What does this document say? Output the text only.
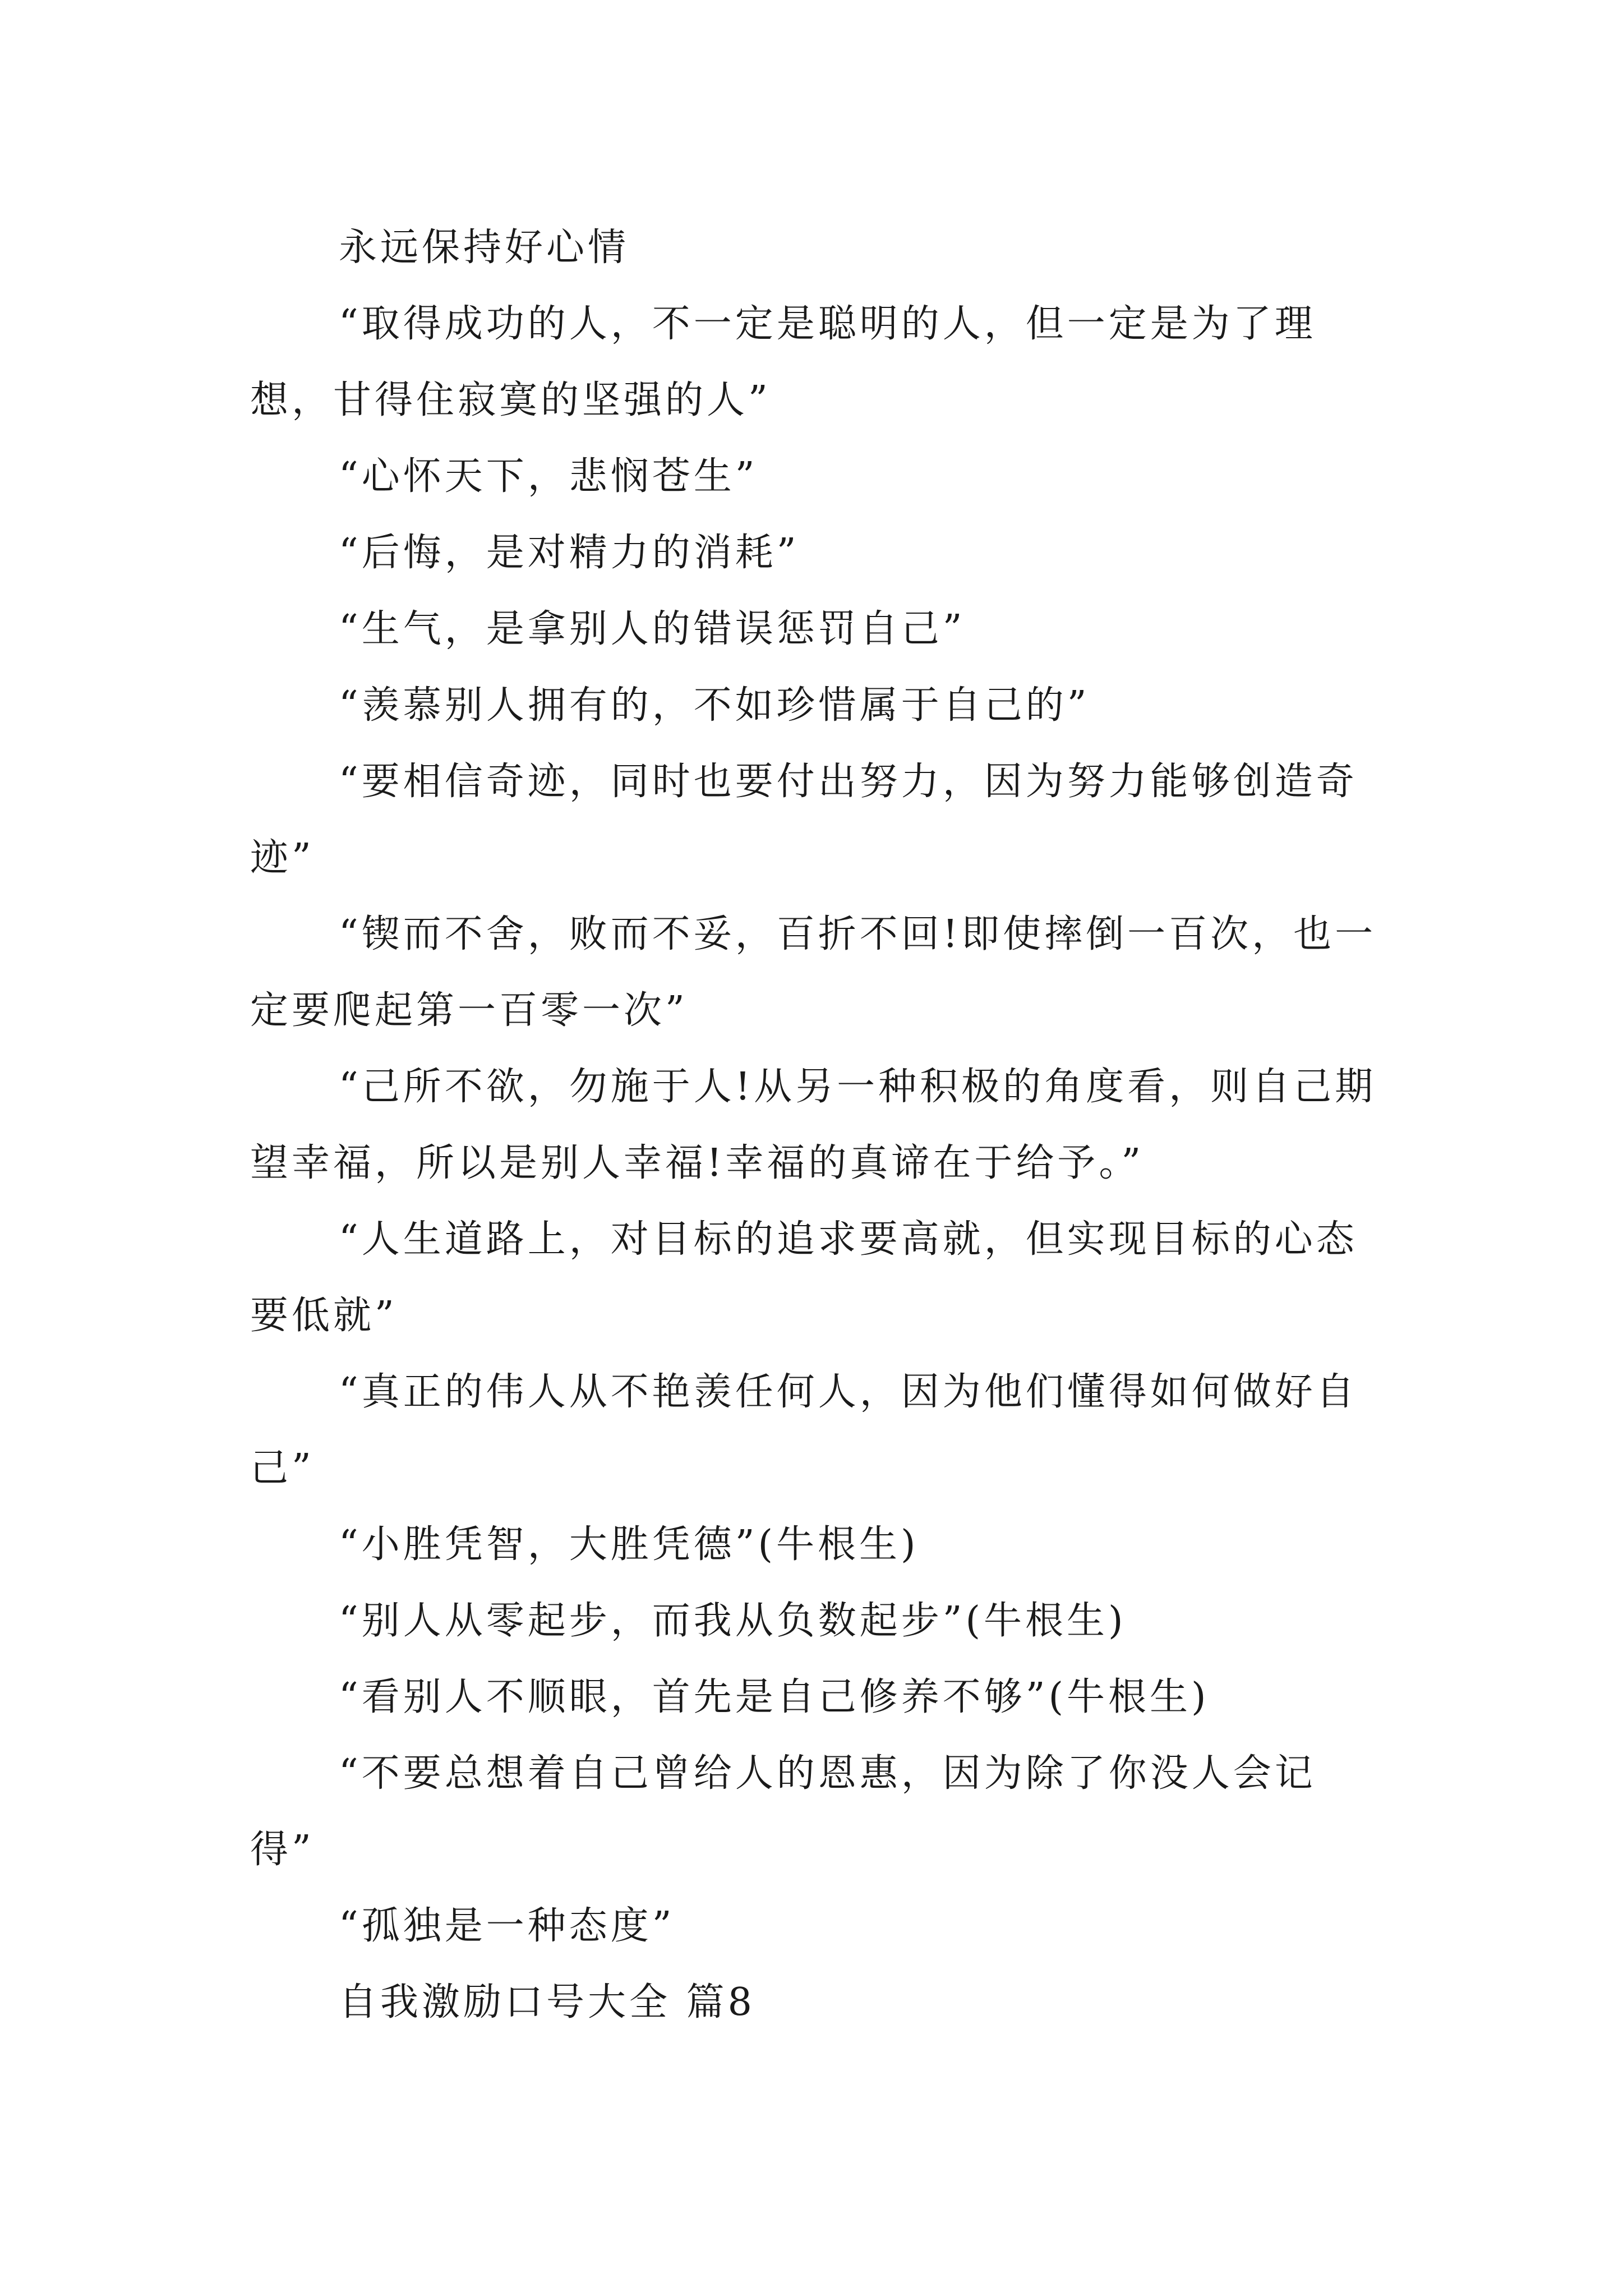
永远保持好心情

“取得成功的人，不一定是聪明的人，但一定是为了理想，甘得住寂寞的坚强的人”

“心怀天下，悲悯苍生”

“后悔，是对精力的消耗”

“生气，是拿别人的错误惩罚自己”

“羡慕别人拥有的，不如珍惜属于自己的”

“要相信奇迹，同时也要付出努力，因为努力能够创造奇迹”

“锲而不舍，败而不妥，百折不回!即使摔倒一百次，也一定要爬起第一百零一次”

“己所不欲，勿施于人!从另一种积极的角度看，则自己期望幸福，所以是别人幸福!幸福的真谛在于给予。”

“人生道路上，对目标的追求要高就，但实现目标的心态要低就”

“真正的伟人从不艳羡任何人，因为他们懂得如何做好自己”

“小胜凭智，大胜凭德”(牛根生)

“别人从零起步，而我从负数起步”(牛根生)

“看别人不顺眼，首先是自己修养不够”(牛根生)

“不要总想着自己曾给人的恩惠，因为除了你没人会记得”

“孤独是一种态度”

自我激励口号大全 篇8
